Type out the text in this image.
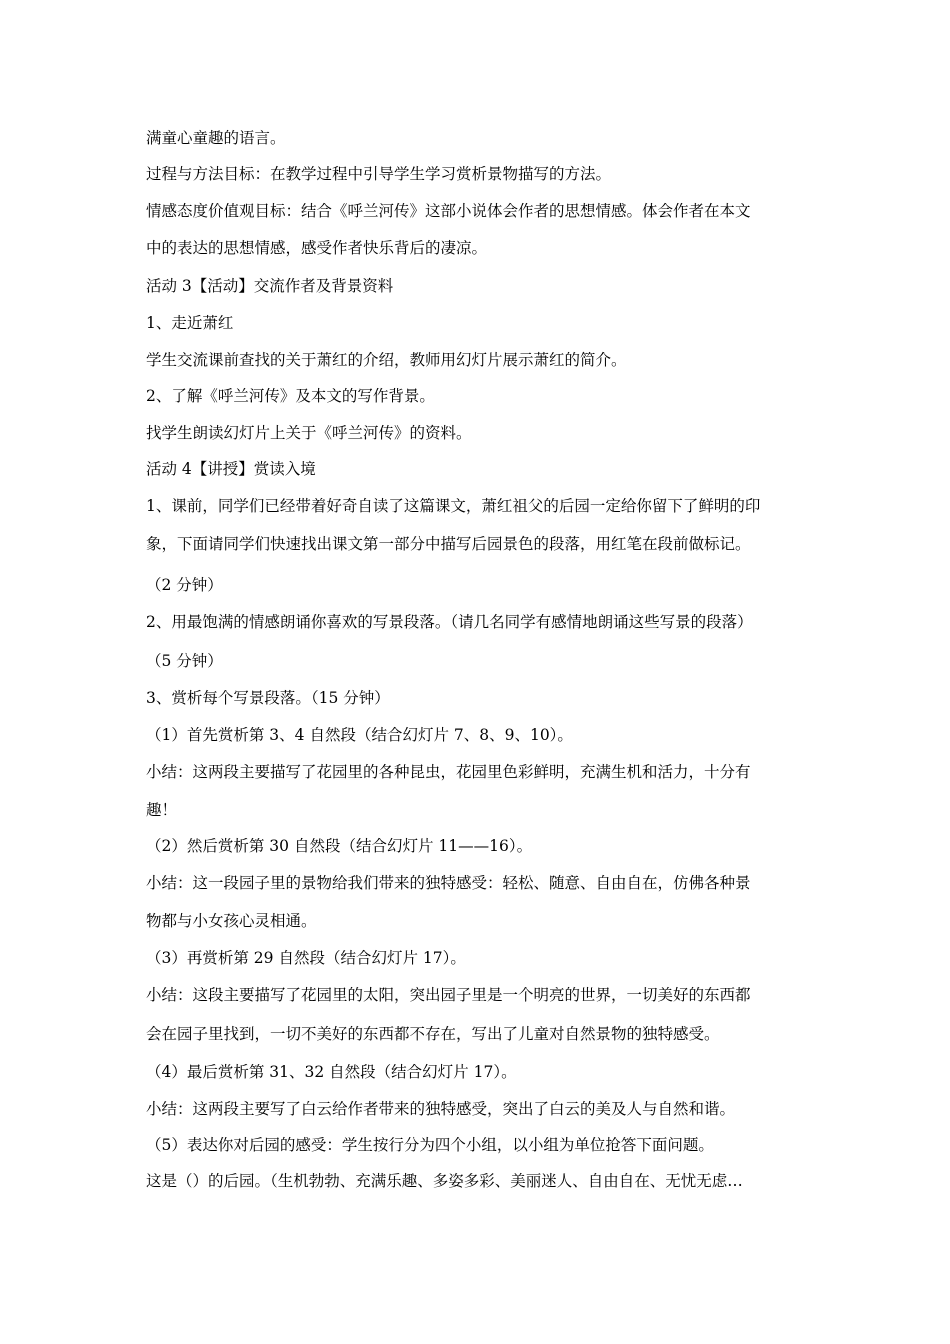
满童心童趣的语言。
过程与方法目标：在教学过程中引导学生学习赏析景物描写的方法。
情感态度价值观目标：结合《呼兰河传》这部小说体会作者的思想情感。体会作者在本文
中的表达的思想情感，感受作者快乐背后的凄凉。
活动 3【活动】交流作者及背景资料
1、走近萧红
学生交流课前查找的关于萧红的介绍，教师用幻灯片展示萧红的简介。
2、了解《呼兰河传》及本文的写作背景。
找学生朗读幻灯片上关于《呼兰河传》的资料。
活动 4【讲授】赏读入境
1、课前，同学们已经带着好奇自读了这篇课文，萧红祖父的后园一定给你留下了鲜明的印
象，下面请同学们快速找出课文第一部分中描写后园景色的段落，用红笔在段前做标记。
（2 分钟）
2、用最饱满的情感朗诵你喜欢的写景段落。（请几名同学有感情地朗诵这些写景的段落）
（5 分钟）
3、赏析每个写景段落。（15 分钟）
（1）首先赏析第 3、4 自然段（结合幻灯片 7、8、9、10）。
小结：这两段主要描写了花园里的各种昆虫，花园里色彩鲜明，充满生机和活力，十分有
趣！
（2）然后赏析第 30 自然段（结合幻灯片 11——16）。
小结：这一段园子里的景物给我们带来的独特感受：轻松、随意、自由自在，仿佛各种景
物都与小女孩心灵相通。
（3）再赏析第 29 自然段（结合幻灯片 17）。
小结：这段主要描写了花园里的太阳，突出园子里是一个明亮的世界，一切美好的东西都
会在园子里找到，一切不美好的东西都不存在，写出了儿童对自然景物的独特感受。
（4）最后赏析第 31、32 自然段（结合幻灯片 17）。
小结：这两段主要写了白云给作者带来的独特感受，突出了白云的美及人与自然和谐。
（5）表达你对后园的感受：学生按行分为四个小组，以小组为单位抢答下面问题。
这是（）的后园。（生机勃勃、充满乐趣、多姿多彩、美丽迷人、自由自在、无忧无虑…
